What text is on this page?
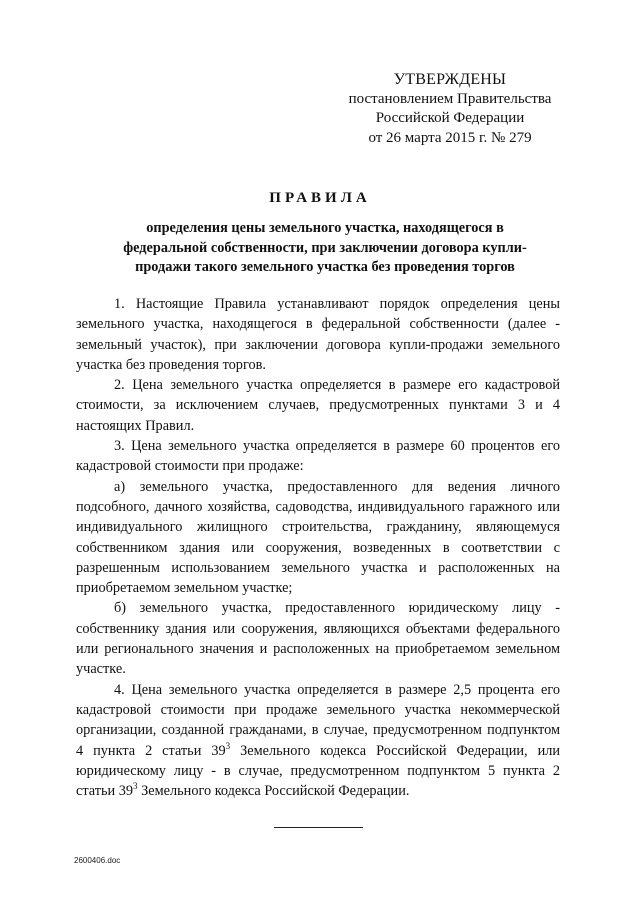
УТВЕРЖДЕНЫ
постановлением Правительства
Российской Федерации
от 26 марта 2015 г. № 279
ПРАВИЛА
определения цены земельного участка, находящегося в федеральной собственности, при заключении договора купли-продажи такого земельного участка без проведения торгов

1. Настоящие Правила устанавливают порядок определения цены земельного участка, находящегося в федеральной собственности (далее - земельный участок), при заключении договора купли-продажи земельного участка без проведения торгов.

2. Цена земельного участка определяется в размере его кадастровой стоимости, за исключением случаев, предусмотренных пунктами 3 и 4 настоящих Правил.

3. Цена земельного участка определяется в размере 60 процентов его кадастровой стоимости при продаже:

а) земельного участка, предоставленного для ведения личного подсобного, дачного хозяйства, садоводства, индивидуального гаражного или индивидуального жилищного строительства, гражданину, являющемуся собственником здания или сооружения, возведенных в соответствии с разрешенным использованием земельного участка и расположенных на приобретаемом земельном участке;

б) земельного участка, предоставленного юридическому лицу - собственнику здания или сооружения, являющихся объектами федерального или регионального значения и расположенных на приобретаемом земельном участке.

4. Цена земельного участка определяется в размере 2,5 процента его кадастровой стоимости при продаже земельного участка некоммерческой организации, созданной гражданами, в случае, предусмотренном подпунктом 4 пункта 2 статьи $39^3$ Земельного кодекса Российской Федерации, или юридическому лицу - в случае, предусмотренном подпунктом 5 пункта 2 статьи $39^3$ Земельного кодекса Российской Федерации.

2600406.doc
